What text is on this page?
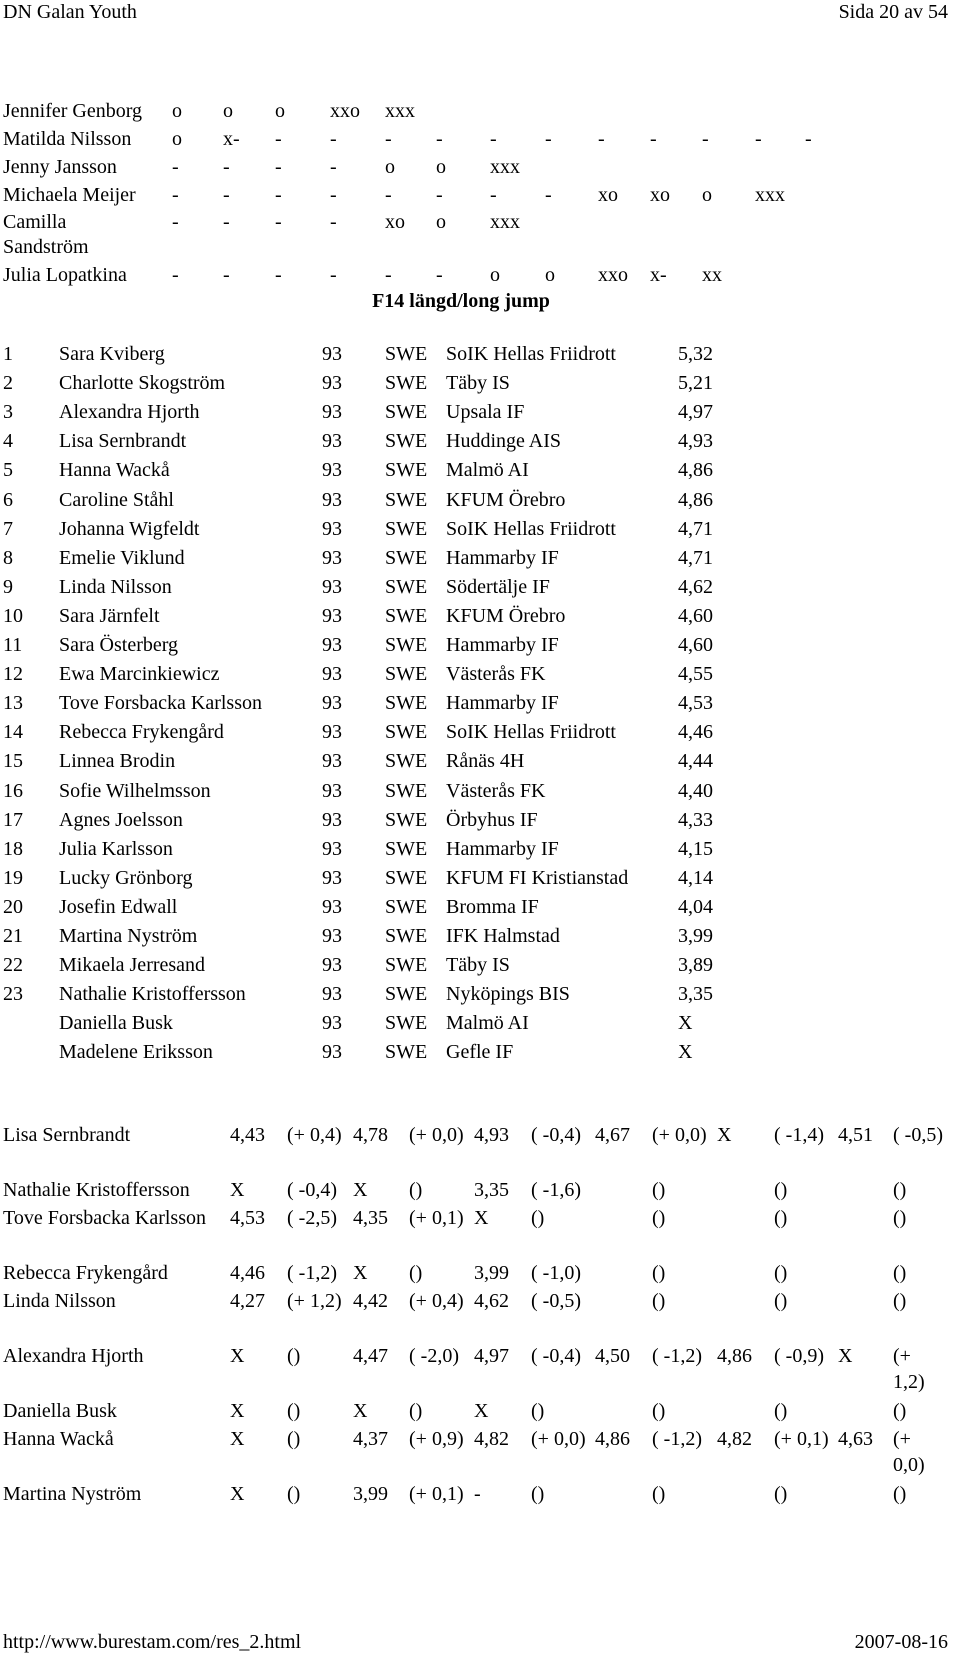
DN Galan Youth	Sida 20 av 54
Jennifer Genborg o o o xxo xxx
Matilda Nilsson o x- - - - - - - - - - - -
Jenny Jansson	- - - - o o xxx
Michaela Meijer - - - - - - - - xo xo o xxx
Camilla	- - - - xo o xxx
Sandström
Julia Lopatkina - - - - - - o o xxo x- xx
F14 längd/long jump
1 Sara Kviberg	93 SWE SoIK Hellas Friidrott	5,32
2 Charlotte Skogström	93 SWE Täby IS	5,21
3 Alexandra Hjorth	93 SWE Upsala IF	4,97
4 Lisa Sernbrandt	93 SWE Huddinge AIS	4,93
5 Hanna Wackå	93 SWE Malmö AI	4,86
6 Caroline Ståhl	93 SWE KFUM Örebro	4,86
7 Johanna Wigfeldt	93 SWE SoIK Hellas Friidrott	4,71
8 Emelie Viklund	93 SWE Hammarby IF	4,71
9 Linda Nilsson	93 SWE Södertälje IF	4,62
10 Sara Järnfelt	93 SWE KFUM Örebro	4,60
11 Sara Österberg	93 SWE Hammarby IF	4,60
12 Ewa Marcinkiewicz	93 SWE Västerås FK	4,55
13 Tove Forsbacka Karlsson	93 SWE Hammarby IF	4,53
14 Rebecca Frykengård	93 SWE SoIK Hellas Friidrott	4,46
15 Linnea Brodin	93 SWE Rånäs 4H	4,44
16 Sofie Wilhelmsson	93 SWE Västerås FK	4,40
17 Agnes Joelsson	93 SWE Örbyhus IF	4,33
18 Julia Karlsson	93 SWE Hammarby IF	4,15
19 Lucky Grönborg	93 SWE KFUM FI Kristianstad 4,14
20 Josefin Edwall	93 SWE Bromma IF	4,04
21 Martina Nyström	93 SWE IFK Halmstad	3,99
22 Mikaela Jerresand	93 SWE Täby IS	3,89
23 Nathalie Kristoffersson	93 SWE Nyköpings BIS	3,35
Daniella Busk	93 SWE Malmö AI	X
Madelene Eriksson	93 SWE Gefle IF	X
Lisa Sernbrandt	4,43	(+ 0,4) 4,78	(+ 0,0) 4,93	( -0,4) 4,67	(+ 0,0) X	( -1,4) 4,51	( -0,5)
Nathalie Kristoffersson	X	( -0,4) X	()	3,35	( -1,6)	()	()	()
Tove Forsbacka Karlsson	4,53	( -2,5) 4,35	(+ 0,1) X	()	()	()	()
Rebecca Frykengård	4,46	( -1,2) X	()	3,99	( -1,0)	()	()	()
Linda Nilsson	4,27	(+ 1,2) 4,42	(+ 0,4) 4,62	( -0,5)	()	()	()
Alexandra Hjorth	X	()	4,47	( -2,0) 4,97	( -0,4) 4,50	( -1,2) 4,86	( -0,9) X	(+ 1,2)
Daniella Busk	X	()	X	()	X	()	()	()	()
Hanna Wackå	X	()	4,37	(+ 0,9) 4,82	(+ 0,0) 4,86	( -1,2) 4,82	(+ 0,1) 4,63	(+ 0,0)
Martina Nyström	X	()	3,99	(+ 0,1) -	()	()	()	()
http://www.burestam.com/res_2.html	2007-08-16
